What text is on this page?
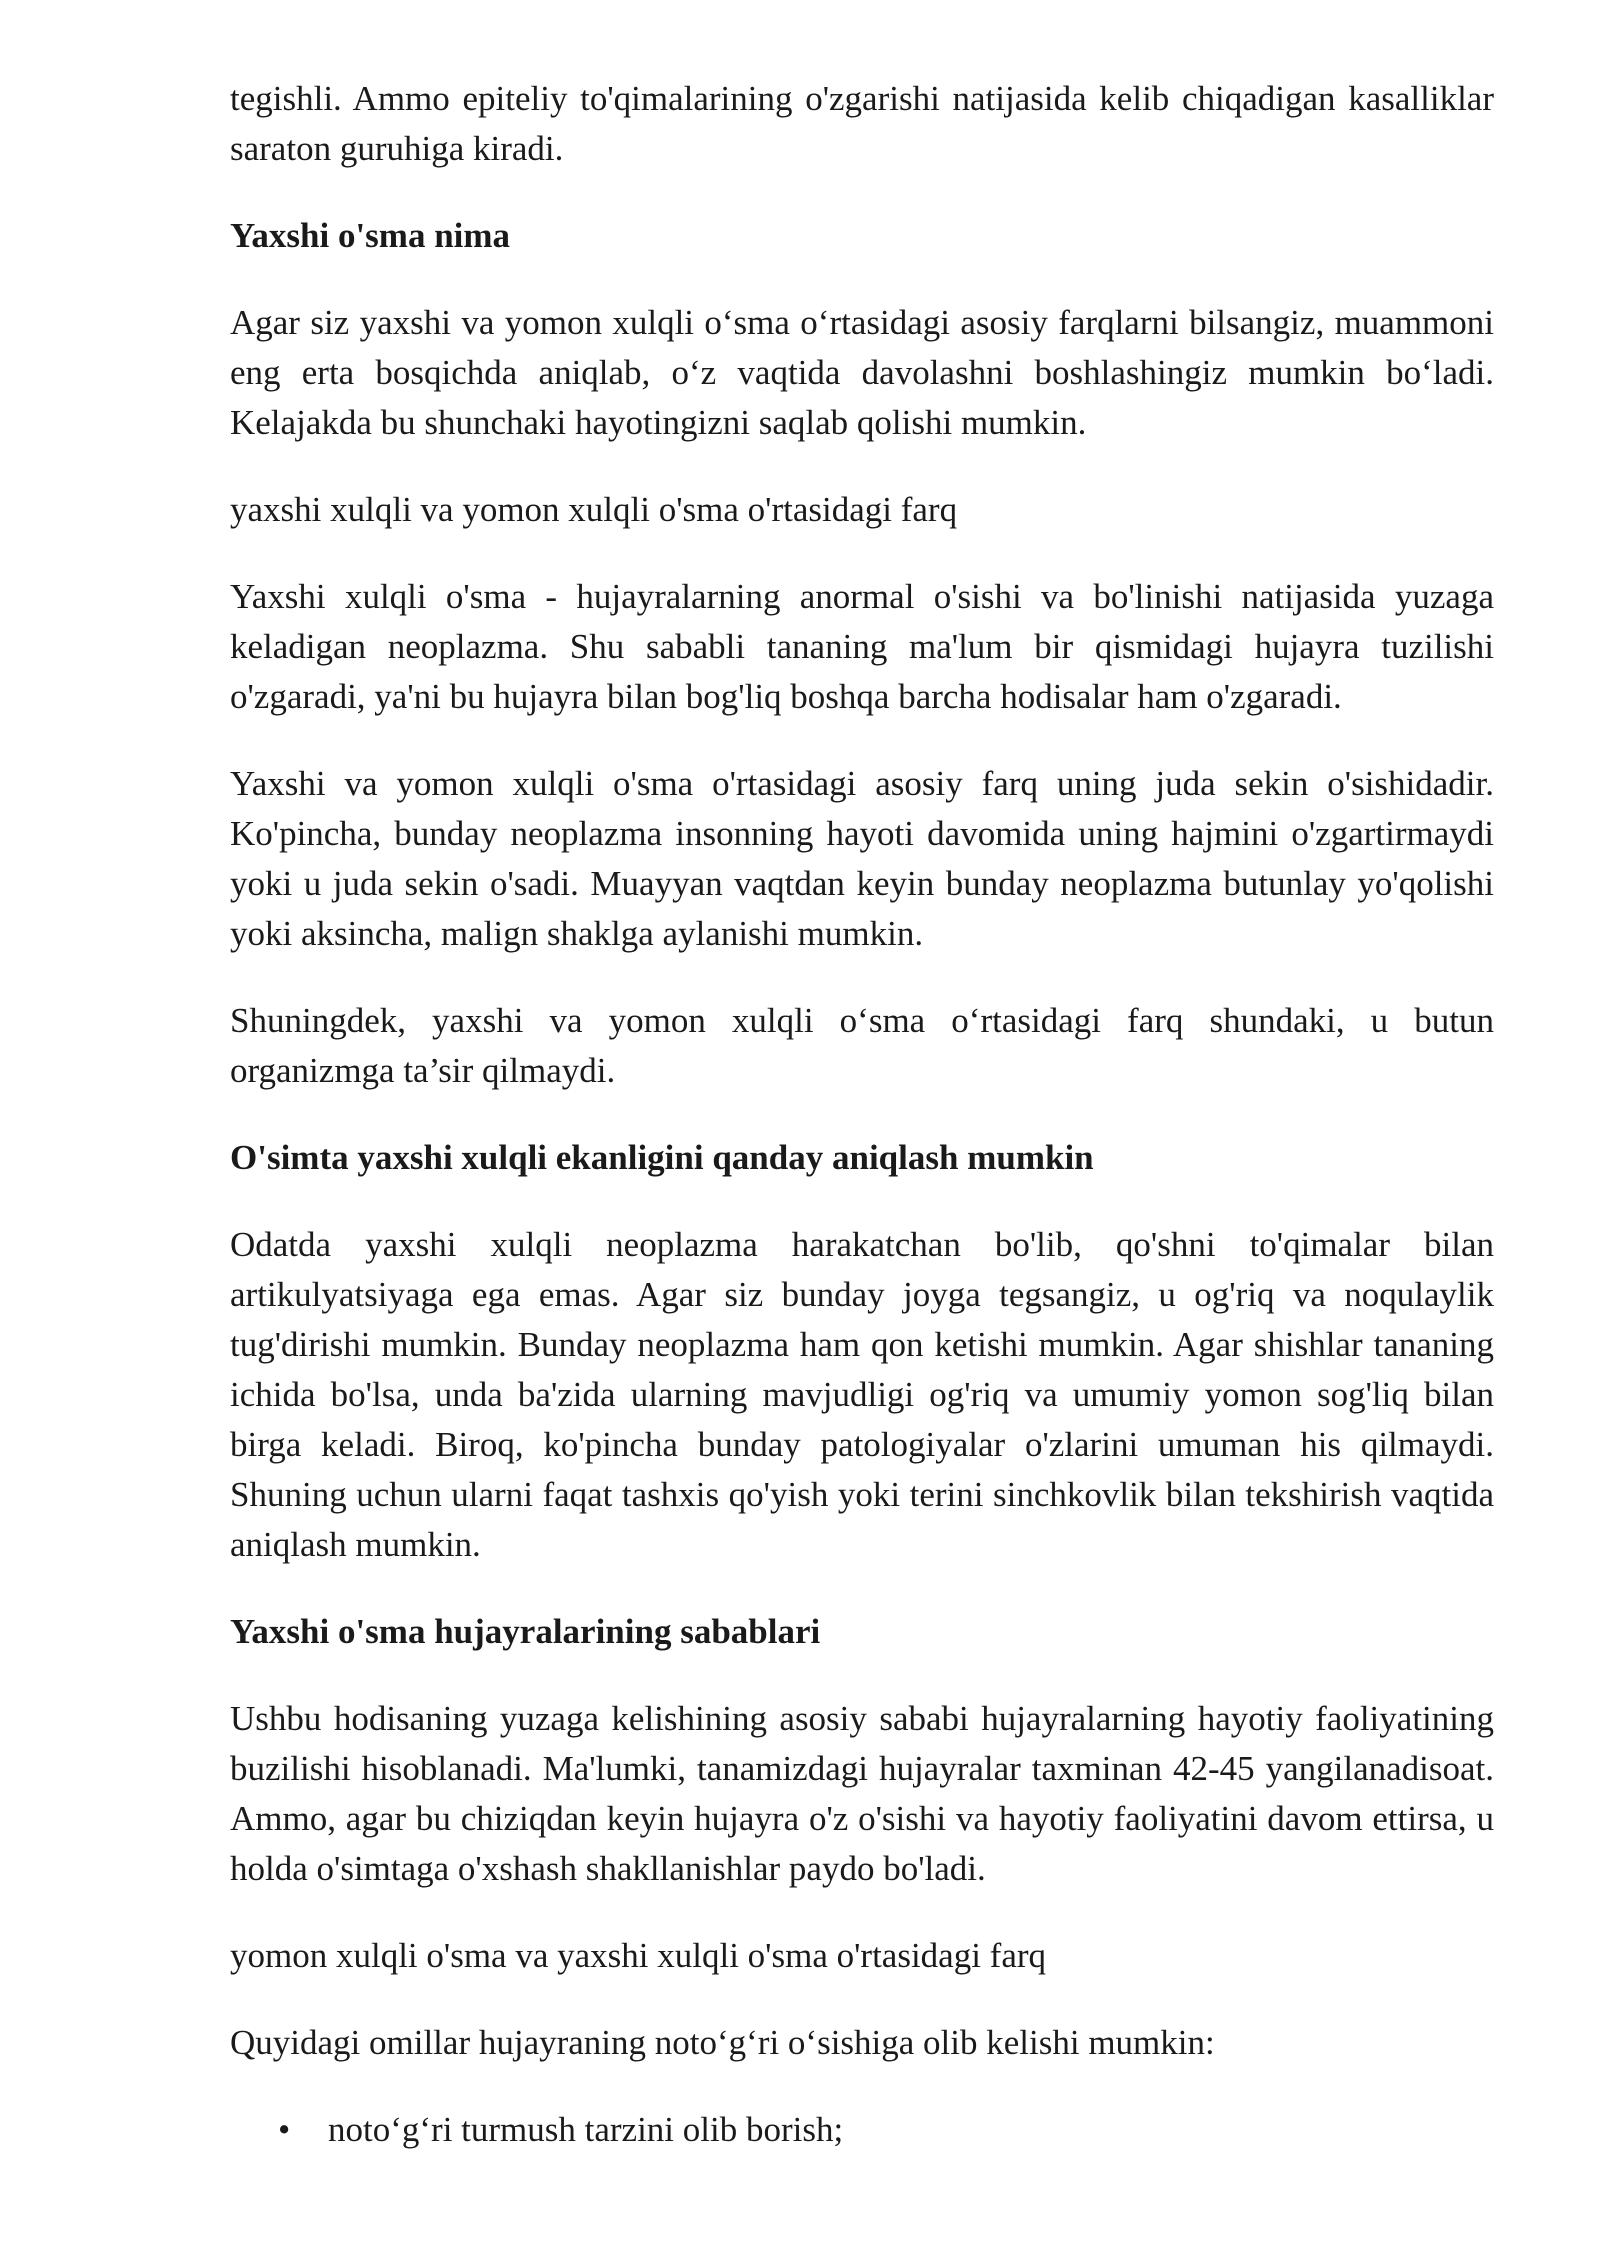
tegishli. Ammo epiteliy to'qimalarining o'zgarishi natijasida kelib chiqadigan kasalliklar saraton guruhiga kiradi.

Yaxshi o'sma nima

Agar siz yaxshi va yomon xulqli o‘sma o‘rtasidagi asosiy farqlarni bilsangiz, muammoni eng erta bosqichda aniqlab, o‘z vaqtida davolashni boshlashingiz mumkin bo‘ladi. Kelajakda bu shunchaki hayotingizni saqlab qolishi mumkin.

yaxshi xulqli va yomon xulqli o'sma o'rtasidagi farq

Yaxshi xulqli o'sma - hujayralarning anormal o'sishi va bo'linishi natijasida yuzaga keladigan neoplazma. Shu sababli tananing ma'lum bir qismidagi hujayra tuzilishi o'zgaradi, ya'ni bu hujayra bilan bog'liq boshqa barcha hodisalar ham o'zgaradi.

Yaxshi va yomon xulqli o'sma o'rtasidagi asosiy farq uning juda sekin o'sishidadir. Ko'pincha, bunday neoplazma insonning hayoti davomida uning hajmini o'zgartirmaydi yoki u juda sekin o'sadi. Muayyan vaqtdan keyin bunday neoplazma butunlay yo'qolishi yoki aksincha, malign shaklga aylanishi mumkin.

Shuningdek, yaxshi va yomon xulqli o‘sma o‘rtasidagi farq shundaki, u butun organizmga ta’sir qilmaydi.

O'simta yaxshi xulqli ekanligini qanday aniqlash mumkin

Odatda yaxshi xulqli neoplazma harakatchan bo'lib, qo'shni to'qimalar bilan artikulyatsiyaga ega emas. Agar siz bunday joyga tegsangiz, u og'riq va noqulaylik tug'dirishi mumkin. Bunday neoplazma ham qon ketishi mumkin. Agar shishlar tananing ichida bo'lsa, unda ba'zida ularning mavjudligi og'riq va umumiy yomon sog'liq bilan birga keladi. Biroq, ko'pincha bunday patologiyalar o'zlarini umuman his qilmaydi. Shuning uchun ularni faqat tashxis qo'yish yoki terini sinchkovlik bilan tekshirish vaqtida aniqlash mumkin.

Yaxshi o'sma hujayralarining sabablari

Ushbu hodisaning yuzaga kelishining asosiy sababi hujayralarning hayotiy faoliyatining buzilishi hisoblanadi. Ma'lumki, tanamizdagi hujayralar taxminan 42-45 yangilanadisoat. Ammo, agar bu chiziqdan keyin hujayra o'z o'sishi va hayotiy faoliyatini davom ettirsa, u holda o'simtaga o'xshash shakllanishlar paydo bo'ladi.

yomon xulqli o'sma va yaxshi xulqli o'sma o'rtasidagi farq

Quyidagi omillar hujayraning noto‘g‘ri o‘sishiga olib kelishi mumkin:

• noto‘g‘ri turmush tarzini olib borish;
